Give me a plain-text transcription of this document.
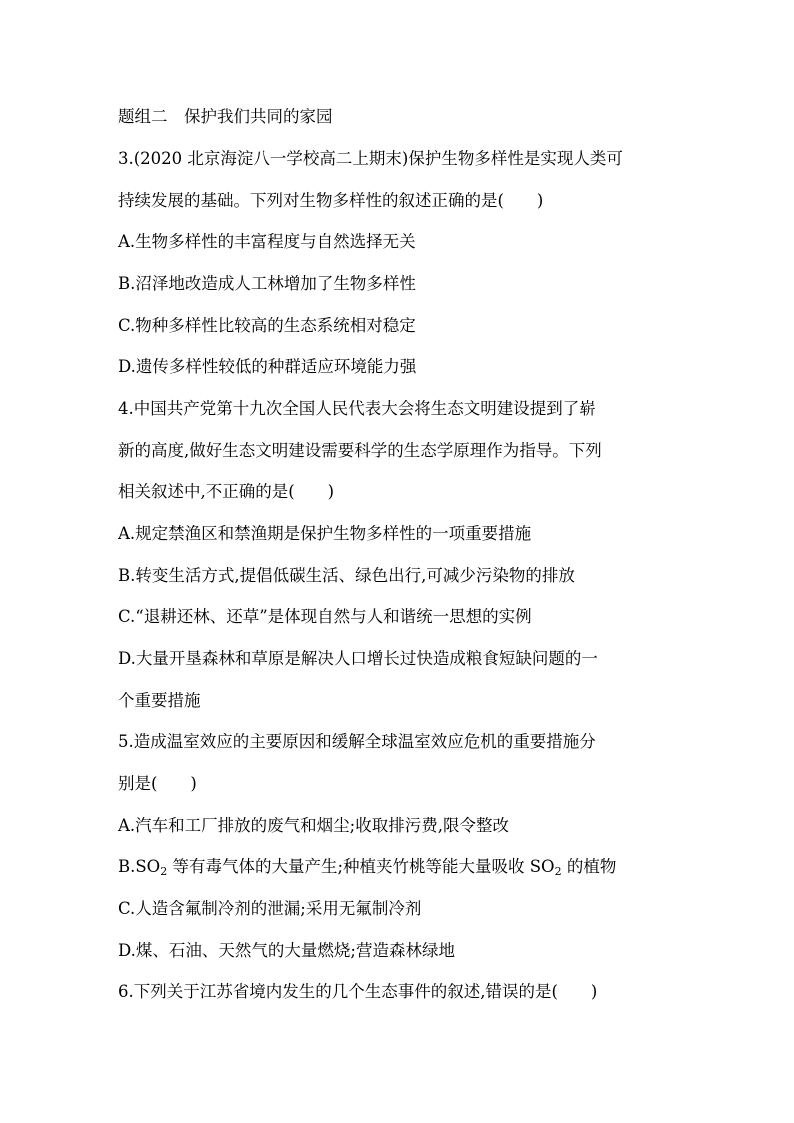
题组二　保护我们共同的家园
3.(2020 北京海淀八一学校高二上期末)保护生物多样性是实现人类可
持续发展的基础。下列对生物多样性的叙述正确的是(　　)
A.生物多样性的丰富程度与自然选择无关
B.沼泽地改造成人工林增加了生物多样性
C.物种多样性比较高的生态系统相对稳定
D.遗传多样性较低的种群适应环境能力强
4.中国共产党第十九次全国人民代表大会将生态文明建设提到了崭
新的高度,做好生态文明建设需要科学的生态学原理作为指导。下列
相关叙述中,不正确的是(　　)
A.规定禁渔区和禁渔期是保护生物多样性的一项重要措施
B.转变生活方式,提倡低碳生活、绿色出行,可减少污染物的排放
C.“退耕还林、还草”是体现自然与人和谐统一思想的实例
D.大量开垦森林和草原是解决人口增长过快造成粮食短缺问题的一
个重要措施
5.造成温室效应的主要原因和缓解全球温室效应危机的重要措施分
别是(　　)
A.汽车和工厂排放的废气和烟尘;收取排污费,限令整改
$B.SO_2$ 等有毒气体的大量产生;种植夹竹桃等能大量吸收 $SO_2$ 的植物
C.人造含氟制冷剂的泄漏;采用无氟制冷剂
D.煤、石油、天然气的大量燃烧;营造森林绿地
6.下列关于江苏省境内发生的几个生态事件的叙述,错误的是(　　)
